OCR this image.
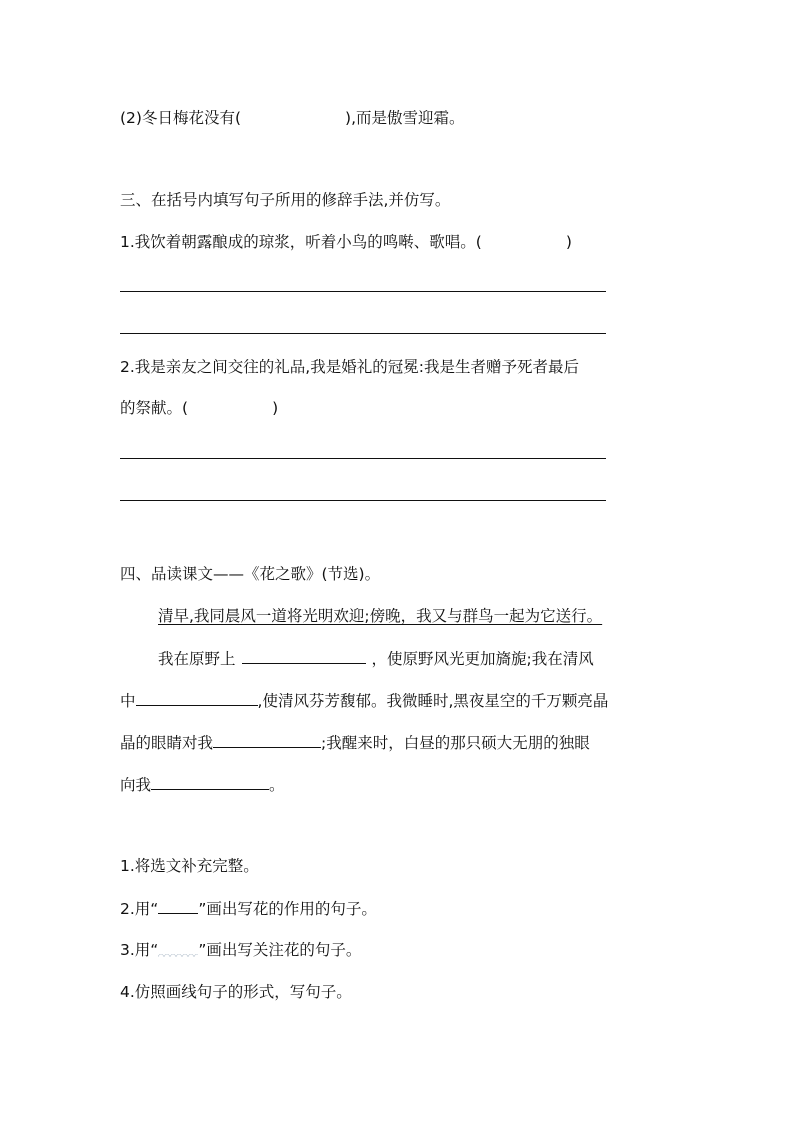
(2)冬日梅花没有(	),而是傲雪迎霜。

三、在括号内填写句子所用的修辞手法,并仿写。

1.我饮着朝露酿成的琼浆，听着小鸟的鸣啭、歌唱。(	)

2.我是亲友之间交往的礼品,我是婚礼的冠冕:我是生者赠予死者最后

的祭献。(	)

四、品读课文——《花之歌》(节选)。

清早,我同晨风一道将光明欢迎;傍晚，我又与群鸟一起为它送行。

我在原野上	，使原野风光更加旖旎;我在清风

中	,使清风芬芳馥郁。我微睡时,黑夜星空的千万颗亮晶

晶的眼睛对我	;我醒来时，白昼的那只硕大无朋的独眼

向我	。

1.将选文补充完整。

2.用“	”画出写花的作用的句子。

3.用“	”画出写关注花的句子。

4.仿照画线句子的形式，写句子。
